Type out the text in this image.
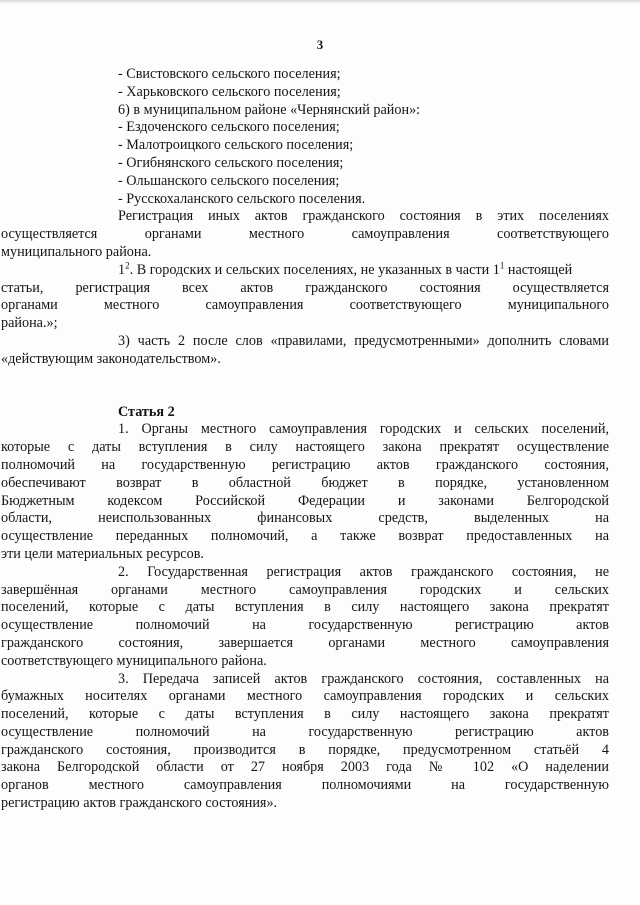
3
- Свистовского сельского поселения;
- Харьковского сельского поселения;
6) в муниципальном районе «Чернянский район»:
- Ездоченского сельского поселения;
- Малотроицкого сельского поселения;
- Огибнянского сельского поселения;
- Ольшанского сельского поселения;
- Русскохаланского сельского поселения.
Регистрация иных актов гражданского состояния в этих поселениях
осуществляется органами местного самоуправления соответствующего
муниципального района.
$1^2$. В городских и сельских поселениях, не указанных в части $1^1$ настоящей
статьи, регистрация всех актов гражданского состояния осуществляется
органами местного самоуправления соответствующего муниципального
района.»;
3) часть 2 после слов «правилами, предусмотренными» дополнить словами
«действующим законодательством».
Статья 2
1. Органы местного самоуправления городских и сельских поселений,
которые с даты вступления в силу настоящего закона прекратят осуществление
полномочий на государственную регистрацию актов гражданского состояния,
обеспечивают возврат в областной бюджет в порядке, установленном
Бюджетным кодексом Российской Федерации и законами Белгородской
области, неиспользованных финансовых средств, выделенных на
осуществление переданных полномочий, а также возврат предоставленных на
эти цели материальных ресурсов.
2. Государственная регистрация актов гражданского состояния, не
завершённая органами местного самоуправления городских и сельских
поселений, которые с даты вступления в силу настоящего закона прекратят
осуществление полномочий на государственную регистрацию актов
гражданского состояния, завершается органами местного самоуправления
соответствующего муниципального района.
3. Передача записей актов гражданского состояния, составленных на
бумажных носителях органами местного самоуправления городских и сельских
поселений, которые с даты вступления в силу настоящего закона прекратят
осуществление полномочий на государственную регистрацию актов
гражданского состояния, производится в порядке, предусмотренном статьёй 4
закона Белгородской области от 27 ноября 2003 года № 102 «О наделении
органов местного самоуправления полномочиями на государственную
регистрацию актов гражданского состояния».
